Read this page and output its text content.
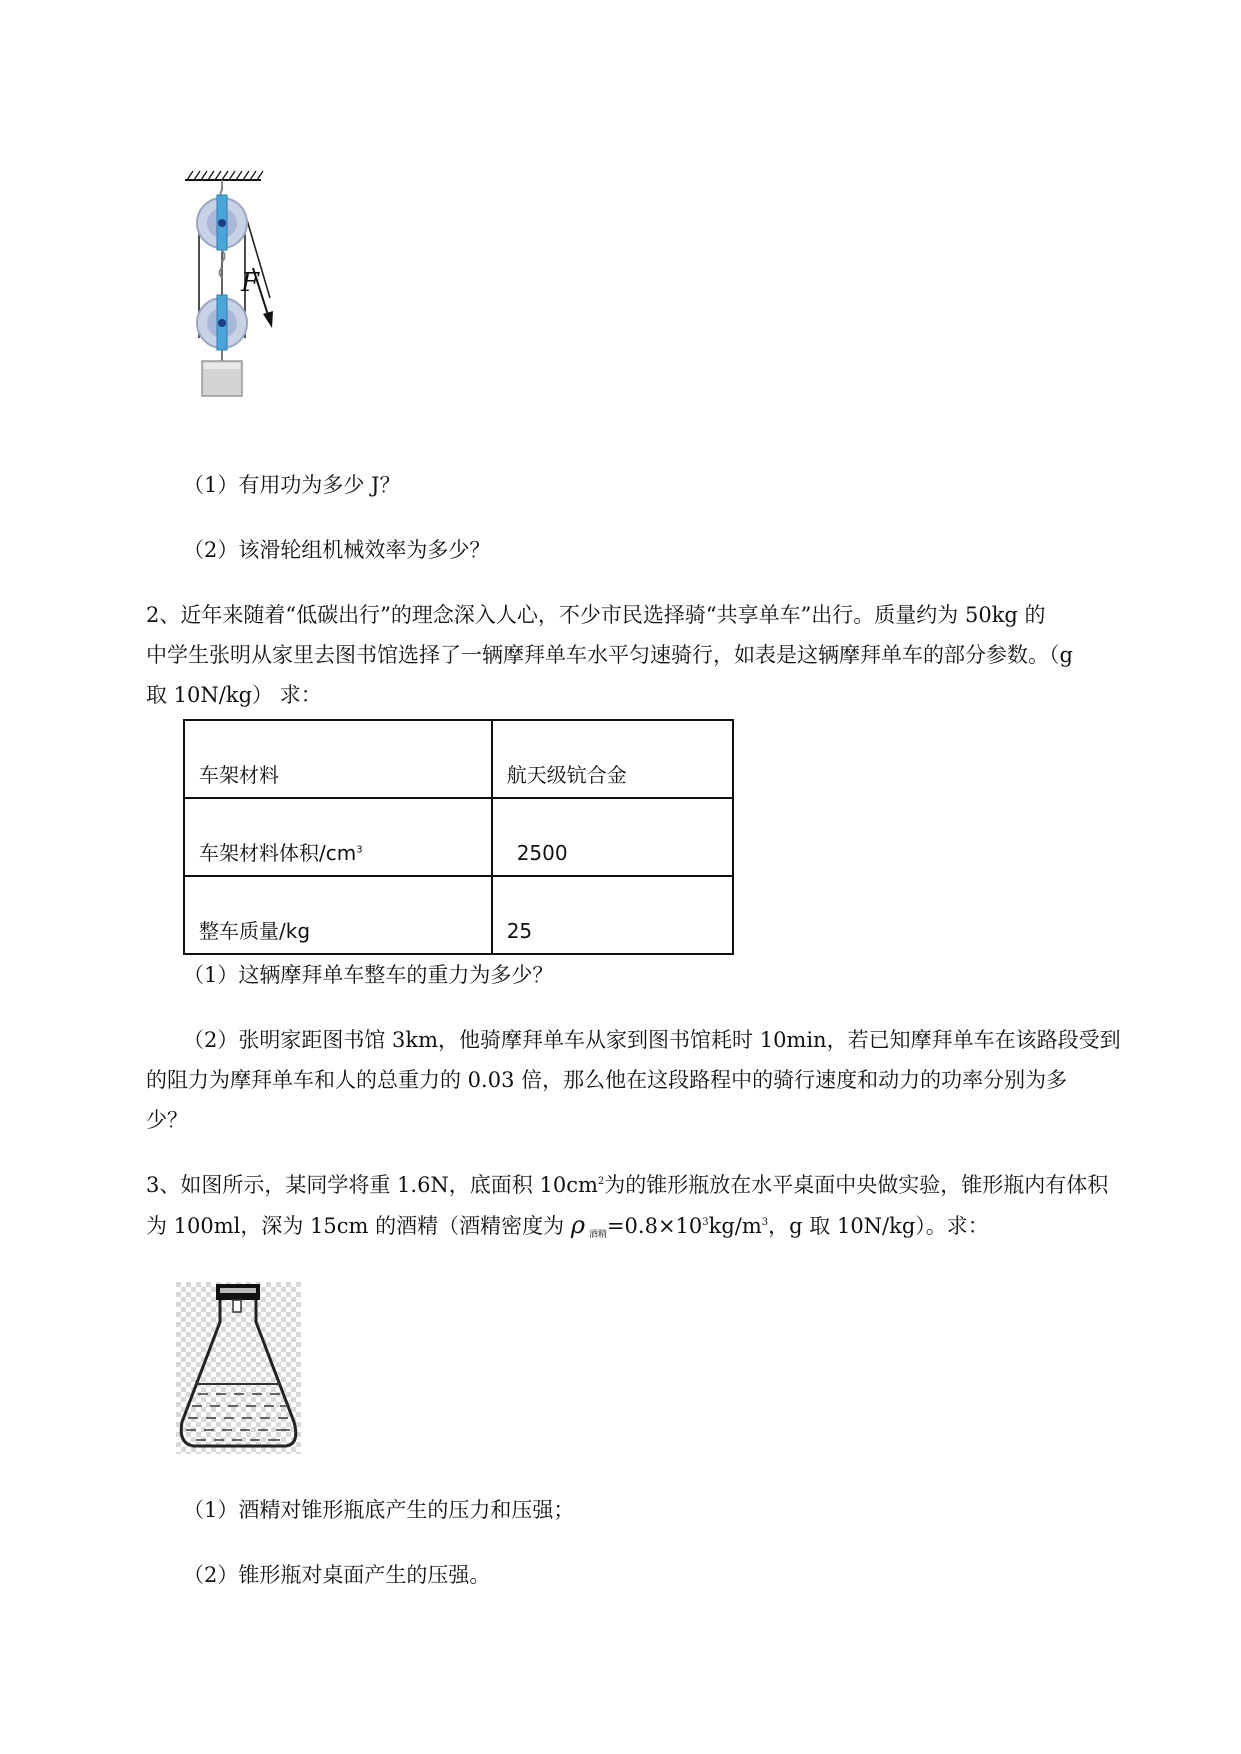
F
（1）有用功为多少 J？
（2）该滑轮组机械效率为多少？
2、近年来随着“低碳出行”的理念深入人心，不少市民选择骑“共享单车”出行。质量约为 50kg 的
中学生张明从家里去图书馆选择了一辆摩拜单车水平匀速骑行，如表是这辆摩拜单车的部分参数。（g
取 10N/kg） 求：
车架材料	航天级钪合金
车架材料体积$/cm^3$	2500
整车质量/kg	25
（1）这辆摩拜单车整车的重力为多少？
（2）张明家距图书馆 3km，他骑摩拜单车从家到图书馆耗时 10min，若已知摩拜单车在该路段受到
的阻力为摩拜单车和人的总重力的 0.03 倍，那么他在这段路程中的骑行速度和动力的功率分别为多
少？
3、如图所示，某同学将重 1.6N，底面积 $10cm^2$为的锥形瓶放在水平桌面中央做实验，锥形瓶内有体积
为 100ml，深为 15cm 的酒精（酒精密度为 ρ 酒精$=0.8\times 10^3kg/m^3$，g 取 10N/kg）。求：
（1）酒精对锥形瓶底产生的压力和压强；
（2）锥形瓶对桌面产生的压强。
